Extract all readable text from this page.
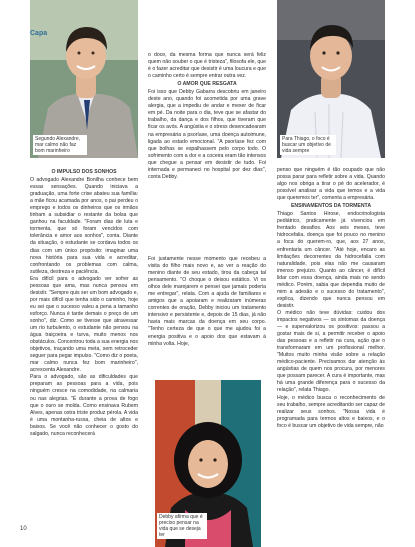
Capa
Segundo Alexandre, mar calmo não faz bom marinheiro
Para Thiago, o foco é buscar um objetivo de vida sempre
Debby afirma que é preciso pensar na vida que se deseja ter

O IMPULSO DOS SONHOS

O advogado Alexandre Bonilha conhece bem essas sensações. Quando iniciava a graduação, uma forte crise abateu sua família: a mãe ficou acamada por anos, o pai perdeu o emprego e todos os dinheiros que os irmãos tinham a subsidiar o restante da bolsa que ganhou na faculdade. "Foram dias de luta e tormenta, que só foram vencidos com tolerância e amor aos sonhos", conta. Diante da situação, o estudante se cordava todos os dias com um único propósito: imaginar uma nova história para sua vida e acreditar, confrontando os problemas com calma, sutileza, destreza e paciência.

Era difícil para o advogado ver sofrer as pessoas que ama, mas nunca pensou em desistir. "Sempre quis ser um bom advogado e, por mais difícil que tenha sido o caminho, hoje eu sei que o sucesso valeu a pena a tamanho esforço. Nunca é tarde demais o preço de um sonho", diz. Como se tivesse que atravessar um rio turbulento, o estudante não pensou na água traiçoeira e turva, muito menos nos obstáculos. Concentrou toda a sua energia nos objetivos, traçando uma meta, sem retroceder seguer para pegar impulso. "Como diz o poeta, mar calmo nunca fez bom marinheiro", acrescenta Alexandre.

Para o advogado, são as dificuldades que preparam as pessoas para a vida, pois ninguém cresce na comodidade, na calmaria ou nas alegrias. "É durante a prova de fogo que o ouro se molda. Como ensinava Rubem Alves, apenas ostra triste produz pérola. A vida é uma montanha-russa, cheia de altos e baixos. Se você não conhecer o gosto do salgado, nunca reconhecerá

o doce, da mesma forma que nunca será feliz quem não souber o que é tristeza", filosofa ele, que é o fazer acreditar que desistir é uma loucura e que o caminho certo é sempre entrar outra vez.

O AMOR QUE RESGATA

Foi isso que Debby Gabarra descobriu em janeiro deste ano, quando foi acometida por uma grave alergia, que a impediu de andar e mexer de ficar em pé. Da noite para o dia, teve que se afastar do trabalho, da dança e dos filhos, que tiveram que ficar os avós. A angústia e o stress desencadearam na empresária a psoríase, uma doença autoimune, ligada ao estado emocional. "A psoríase fez com que bolhas se espalhassem pelo corpo todo. O sofrimento com a dor e a coceira eram tão intensos que chegue a pensar em desistir de tudo. Foi internada e permaneci no hospital por dez dias", conta Debby.

Foi justamente nesse momento que recebeu a visita do filho mais novo e, ao ver a reação do menino diante de seu estado, tirou da cabeça tal pensamento. "O choque o deixou estático. Vi os olhos dele marejarem e pensei que jamais poderia me entregar", relata. Com a ajuda de familiares e amigos que a apoiaram e realizaram inúmeras correntes de oração, Debby iniciou um tratamento intensivo e persistente e, depois de 15 dias, já não havia mais marcas da doença em seu corpo. "Tenho certeza de que o que me ajudou foi a energia positiva e o apoio dos que estavam à minha volta. Hoje,

penso que ninguém é tão ocupado que não possa parar para refletir sobre a vida. Quando algo nos obriga a tirar o pé do acelerador, é possível analisar a vida que temos e a vida que queremos ter", comenta a empresária.

ENSINAMENTOS DA TORMENTA

Thiago Santos Hirose, endocrinologista pediátrico, praticamente já vivenciou em frentado desafios. Aos seis meses, teve hidrocefalia, doença que foi pouco no menino a foca do querem-ro, que, aos 27 anos, enfrentaria um câncer. "Até hoje, encaro as limitações decorrentes da hidrocefalia com naturalidade, pois elas não me causaram imenso prejuízo. Quanto ao câncer, é difícil lidar com essa doença, ainda mais no sendo médico. Porém, sabia que dependia muito de mim a adesão e o sucesso do tratamento", explica, dizendo que nunca pensou em desistir.

O médico não teve dúvidas: cuidou dos impactos negativos — os sintomas da doença — e supervalorizou os positivos: passou a gostar mais de si, a permitir receber o apoio das pessoas e a refletir na cura, ação que o transformaram em um profissional melhor. "Muitos muito minha visão sobre a relação médico-paciente. Precisamos dar atenção às angústias de quem nos procura, por menores que possam parecer. A cura é importante, mas há uma grande diferença para o sucesso da relação", relata Thiago.

Hoje, o médico busca o reconhecimento de seu trabalho, sempre acreditando ser capaz de realizar seus sonhos. "Nossa vida é programada para termos altos e baixos, e o foco é buscar um objetivo de vida sempre, não

10
